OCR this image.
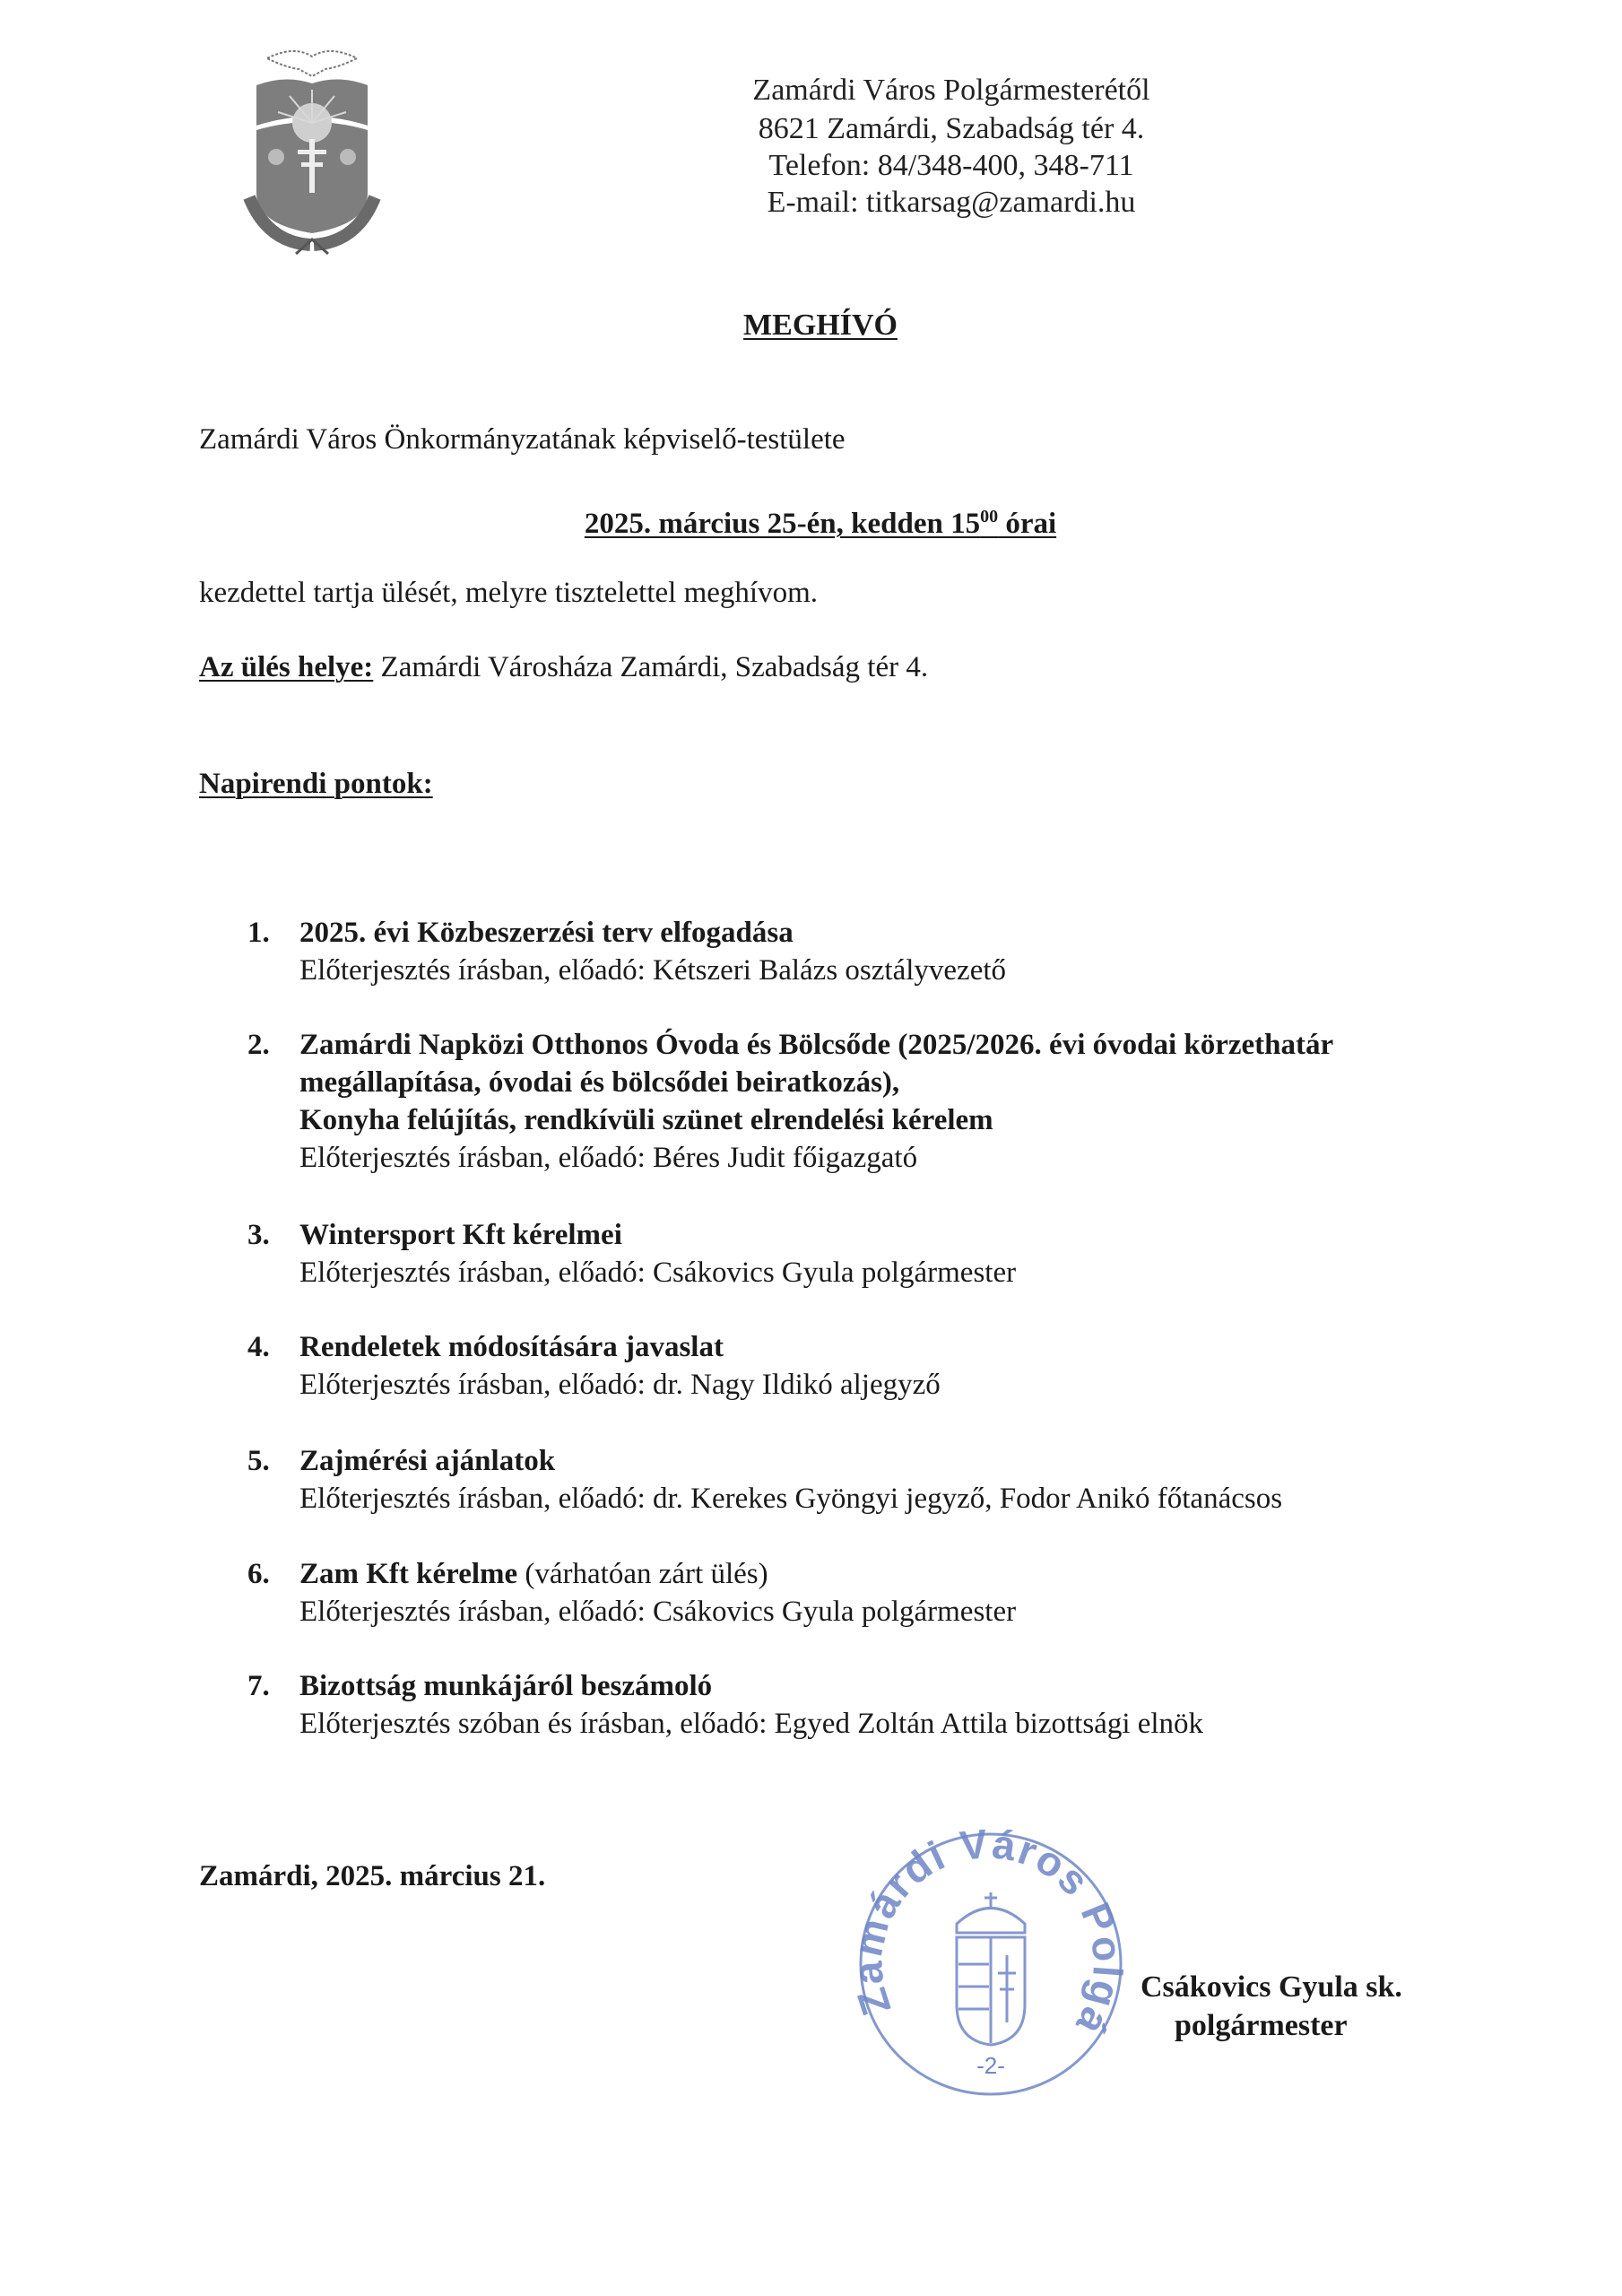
Zamárdi Város Polgármesterétől
8621 Zamárdi, Szabadság tér 4.
Telefon: 84/348-400, 348-711
E-mail: titkarsag@zamardi.hu
MEGHÍVÓ
Zamárdi Város Önkormányzatának képviselő-testülete
2025. március 25-én, kedden $15^{00}$ órai
kezdettel tartja ülését, melyre tisztelettel meghívom.
Az ülés helye: Zamárdi Városháza Zamárdi, Szabadság tér 4.
Napirendi pontok:
1. 2025. évi Közbeszerzési terv elfogadása
Előterjesztés írásban, előadó: Kétszeri Balázs osztályvezető
2. Zamárdi Napközi Otthonos Óvoda és Bölcsőde (2025/2026. évi óvodai körzethatár
megállapítása, óvodai és bölcsődei beiratkozás),
Konyha felújítás, rendkívüli szünet elrendelési kérelem
Előterjesztés írásban, előadó: Béres Judit főigazgató
3. Wintersport Kft kérelmei
Előterjesztés írásban, előadó: Csákovics Gyula polgármester
4. Rendeletek módosítására javaslat
Előterjesztés írásban, előadó: dr. Nagy Ildikó aljegyző
5. Zajmérési ajánlatok
Előterjesztés írásban, előadó: dr. Kerekes Gyöngyi jegyző, Fodor Anikó főtanácsos
6. Zam Kft kérelme (várhatóan zárt ülés)
Előterjesztés írásban, előadó: Csákovics Gyula polgármester
7. Bizottság munkájáról beszámoló
Előterjesztés szóban és írásban, előadó: Egyed Zoltán Attila bizottsági elnök
Zamárdi, 2025. március 21.
árdi Város P gá
-2-
Csákovics Gyula sk.
polgármester
